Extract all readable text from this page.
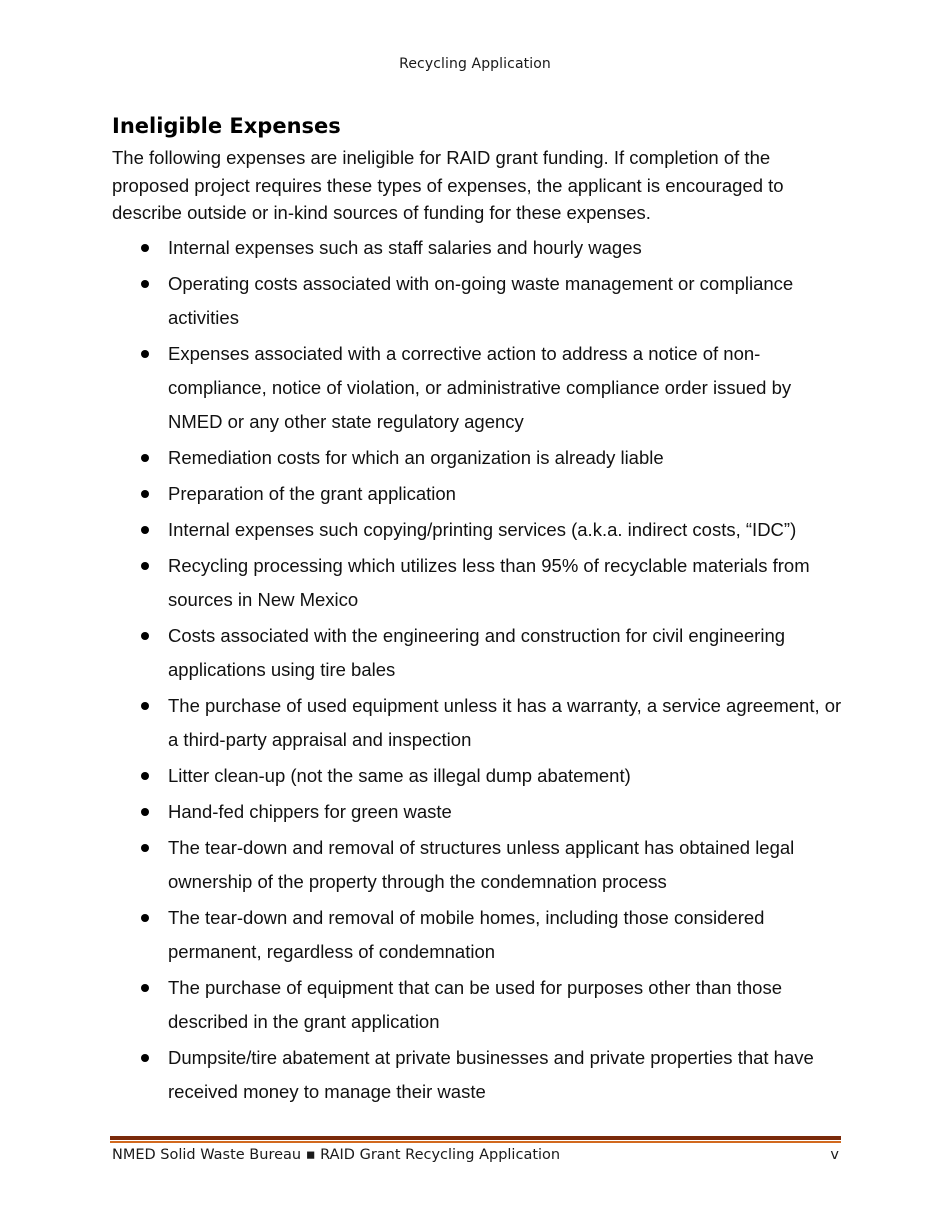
Recycling Application
Ineligible Expenses

The following expenses are ineligible for RAID grant funding. If completion of the proposed project requires these types of expenses, the applicant is encouraged to describe outside or in-kind sources of funding for these expenses.

Internal expenses such as staff salaries and hourly wages
Operating costs associated with on-going waste management or compliance activities
Expenses associated with a corrective action to address a notice of non-compliance, notice of violation, or administrative compliance order issued by NMED or any other state regulatory agency
Remediation costs for which an organization is already liable
Preparation of the grant application
Internal expenses such copying/printing services (a.k.a. indirect costs, “IDC”)
Recycling processing which utilizes less than 95% of recyclable materials from sources in New Mexico
Costs associated with the engineering and construction for civil engineering applications using tire bales
The purchase of used equipment unless it has a warranty, a service agreement, or a third-party appraisal and inspection
Litter clean-up (not the same as illegal dump abatement)
Hand-fed chippers for green waste
The tear-down and removal of structures unless applicant has obtained legal ownership of the property through the condemnation process
The tear-down and removal of mobile homes, including those considered permanent, regardless of condemnation
The purchase of equipment that can be used for purposes other than those described in the grant application
Dumpsite/tire abatement at private businesses and private properties that have received money to manage their waste
NMED Solid Waste Bureau ▪ RAID Grant Recycling Application	v
